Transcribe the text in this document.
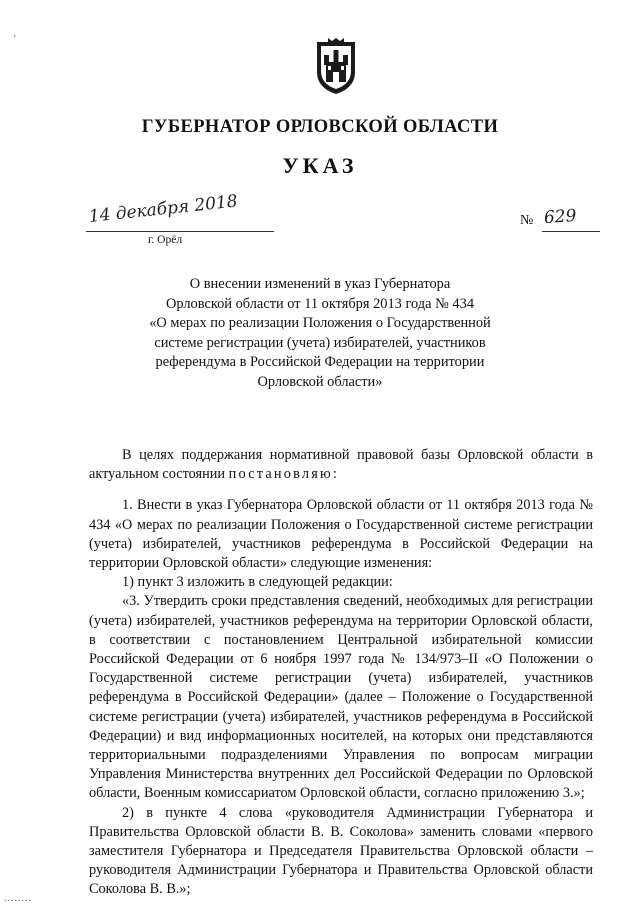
'
ГУБЕРНАТОР ОРЛОВСКОЙ ОБЛАСТИ
УКАЗ
14 декабря 2018
г. Орёл
№ 629
О внесении изменений в указ Губернатора
Орловской области от 11 октября 2013 года № 434
«О мерах по реализации Положения о Государственной
системе регистрации (учета) избирателей, участников
референдума в Российской Федерации на территории
Орловской области»

В целях поддержания нормативной правовой базы Орловской области в актуальном состоянии постановляю:

1. Внести в указ Губернатора Орловской области от 11 октября 2013 года № 434 «О мерах по реализации Положения о Государственной системе регистрации (учета) избирателей, участников референдума в Российской Федерации на территории Орловской области» следующие изменения:

1) пункт 3 изложить в следующей редакции:

«3. Утвердить сроки представления сведений, необходимых для регистрации (учета) избирателей, участников референдума на территории Орловской области, в соответствии с постановлением Центральной избирательной комиссии Российской Федерации от 6 ноября 1997 года № 134/973–II «О Положении о Государственной системе регистрации (учета) избирателей, участников референдума в Российской Федерации» (далее – Положение о Государственной системе регистрации (учета) избирателей, участников референдума в Российской Федерации) и вид информационных носителей, на которых они представляются территориальными подразделениями Управления по вопросам миграции Управления Министерства внутренних дел Российской Федерации по Орловской области, Военным комиссариатом Орловской области, согласно приложению 3.»;

2) в пункте 4 слова «руководителя Администрации Губернатора и Правительства Орловской области В. В. Соколова» заменить словами «первого заместителя Губернатора и Председателя Правительства Орловской области – руководителя Администрации Губернатора и Правительства Орловской области Соколова В. В.»;

........
